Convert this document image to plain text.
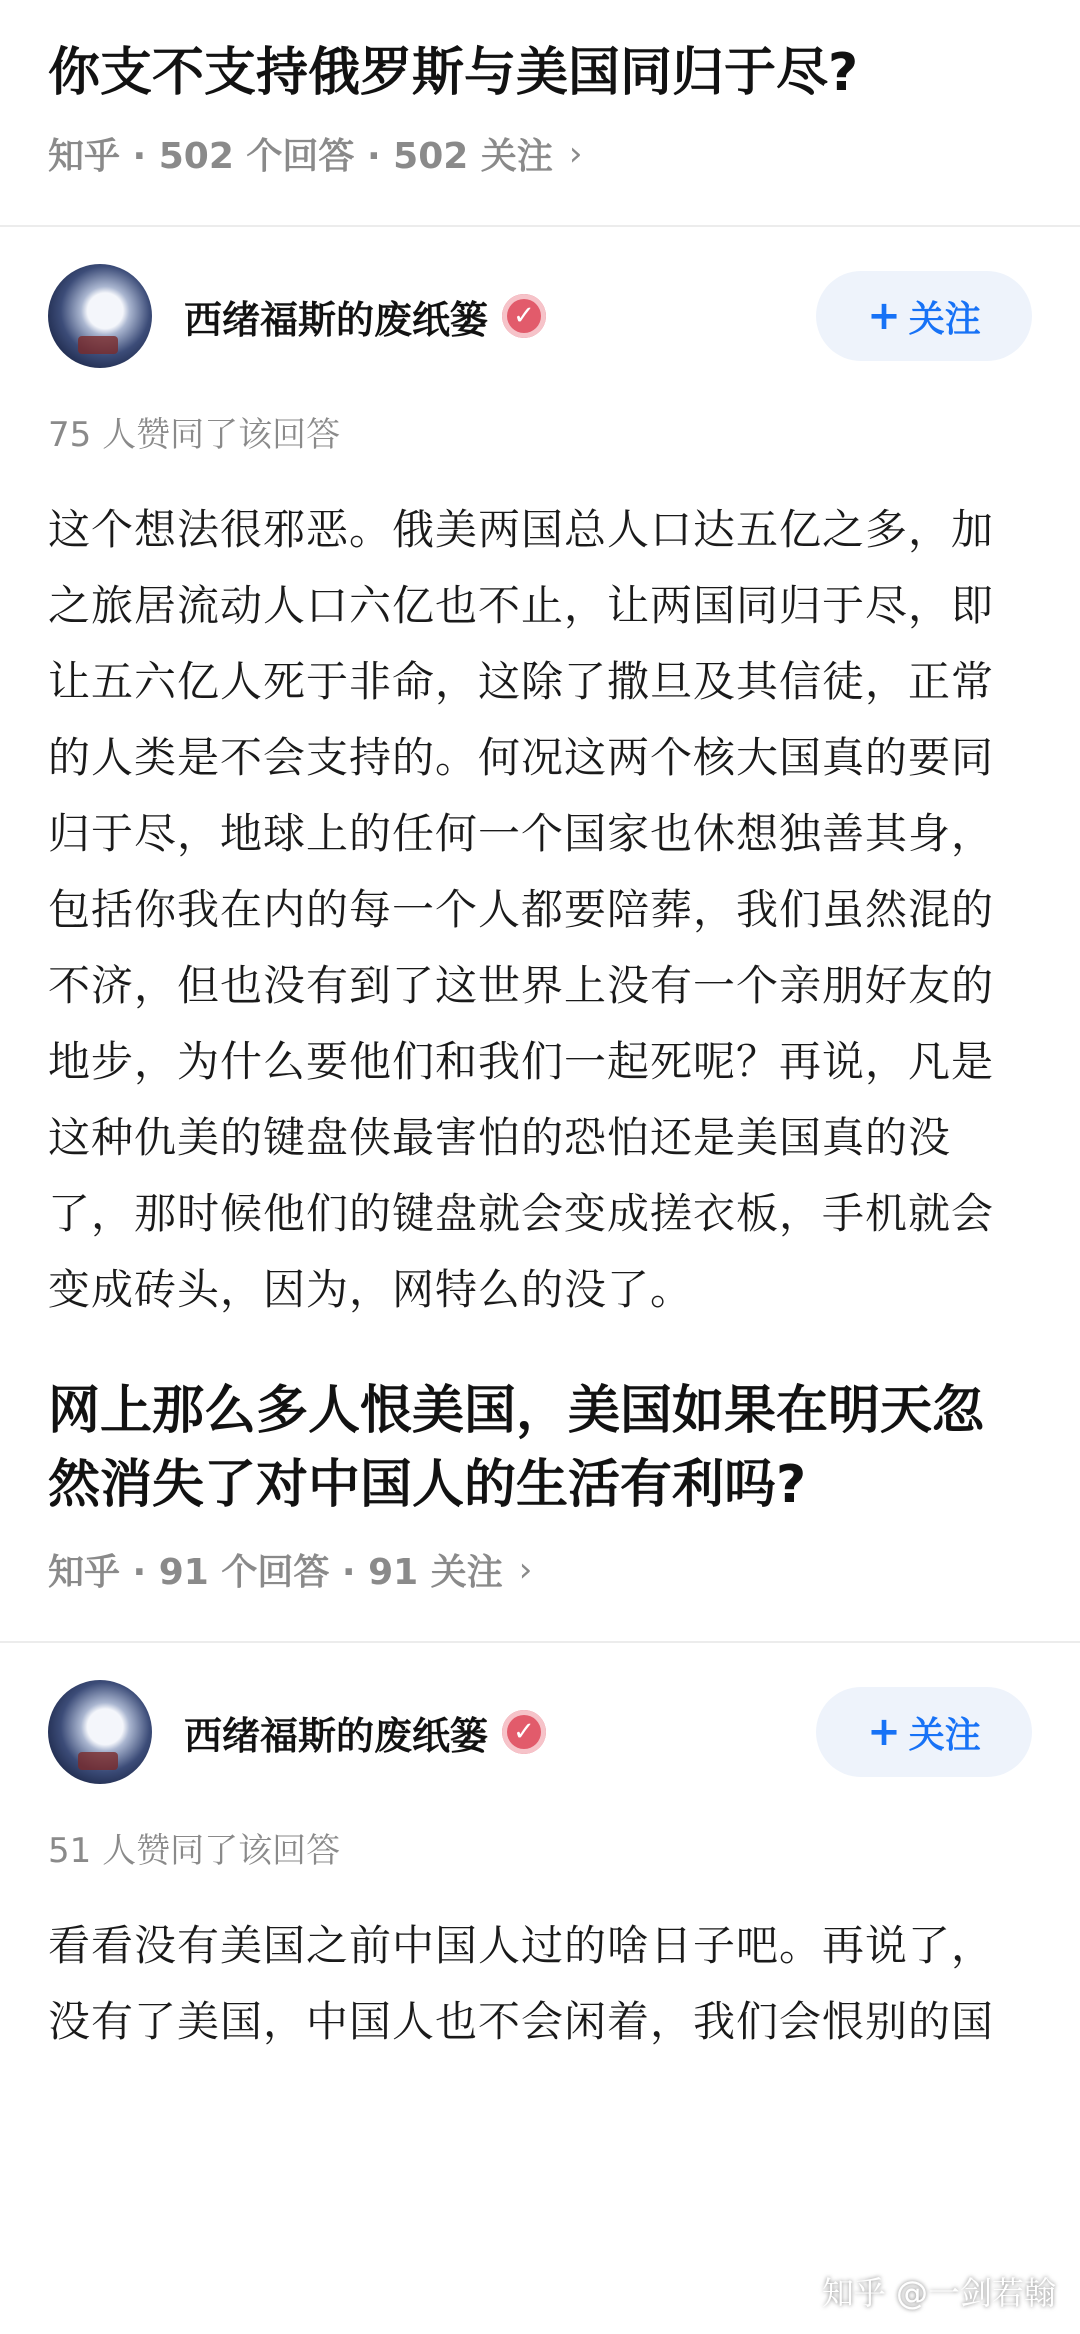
你支不支持俄罗斯与美国同归于尽?
知乎 · 502 个回答 · 502 关注 ›
西绪福斯的废纸篓 ✓	+ 关注
75 人赞同了该回答

这个想法很邪恶。俄美两国总人口达五亿之多，加之旅居流动人口六亿也不止，让两国同归于尽，即让五六亿人死于非命，这除了撒旦及其信徒，正常的人类是不会支持的。何况这两个核大国真的要同归于尽，地球上的任何一个国家也休想独善其身，包括你我在内的每一个人都要陪葬，我们虽然混的不济，但也没有到了这世界上没有一个亲朋好友的地步，为什么要他们和我们一起死呢？再说，凡是这种仇美的键盘侠最害怕的恐怕还是美国真的没了，那时候他们的键盘就会变成搓衣板，手机就会变成砖头，因为，网特么的没了。

网上那么多人恨美国，美国如果在明天忽然消失了对中国人的生活有利吗?
知乎 · 91 个回答 · 91 关注 ›
西绪福斯的废纸篓 ✓	+ 关注
51 人赞同了该回答

看看没有美国之前中国人过的啥日子吧。再说了，没有了美国，中国人也不会闲着，我们会恨别的国

知乎 @一剑若翰
